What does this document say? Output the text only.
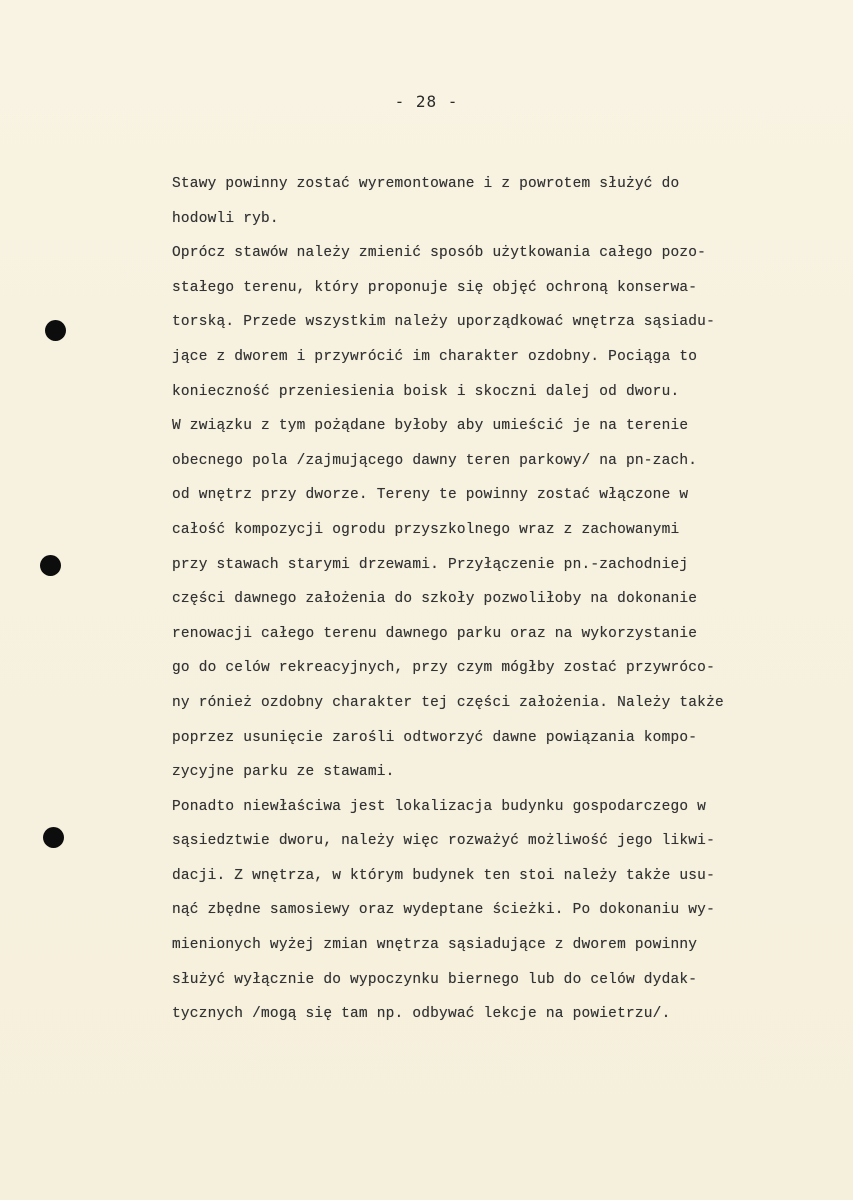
- 28 -
Stawy powinny zostać wyremontowane i z powrotem służyć do
hodowli ryb.
Oprócz stawów należy zmienić sposób użytkowania całego pozo-
stałego terenu, który proponuje się objęć ochroną konserwa-
torską. Przede wszystkim należy uporządkować wnętrza sąsiadu-
jące z dworem i przywrócić im charakter ozdobny. Pociąga to
konieczność przeniesienia boisk i skoczni dalej od dworu.
W związku z tym pożądane byłoby aby umieścić je na terenie
obecnego pola /zajmującego dawny teren parkowy/ na pn-zach.
od wnętrz przy dworze. Tereny te powinny zostać włączone w
całość kompozycji ogrodu przyszkolnego wraz z zachowanymi
przy stawach starymi drzewami. Przyłączenie pn.-zachodniej
części dawnego założenia do szkoły pozwoliłoby na dokonanie
renowacji całego terenu dawnego parku oraz na wykorzystanie
go do celów rekreacyjnych, przy czym mógłby zostać przywróco-
ny rónież ozdobny charakter tej części założenia. Należy także
poprzez usunięcie zarośli odtworzyć dawne powiązania kompo-
zycyjne parku ze stawami.
Ponadto niewłaściwa jest lokalizacja budynku gospodarczego w
sąsiedztwie dworu, należy więc rozważyć możliwość jego likwi-
dacji. Z wnętrza, w którym budynek ten stoi należy także usu-
nąć zbędne samosiewy oraz wydeptane ścieżki. Po dokonaniu wy-
mienionych wyżej zmian wnętrza sąsiadujące z dworem powinny
służyć wyłącznie do wypoczynku biernego lub do celów dydak-
tycznych /mogą się tam np. odbywać lekcje na powietrzu/.
